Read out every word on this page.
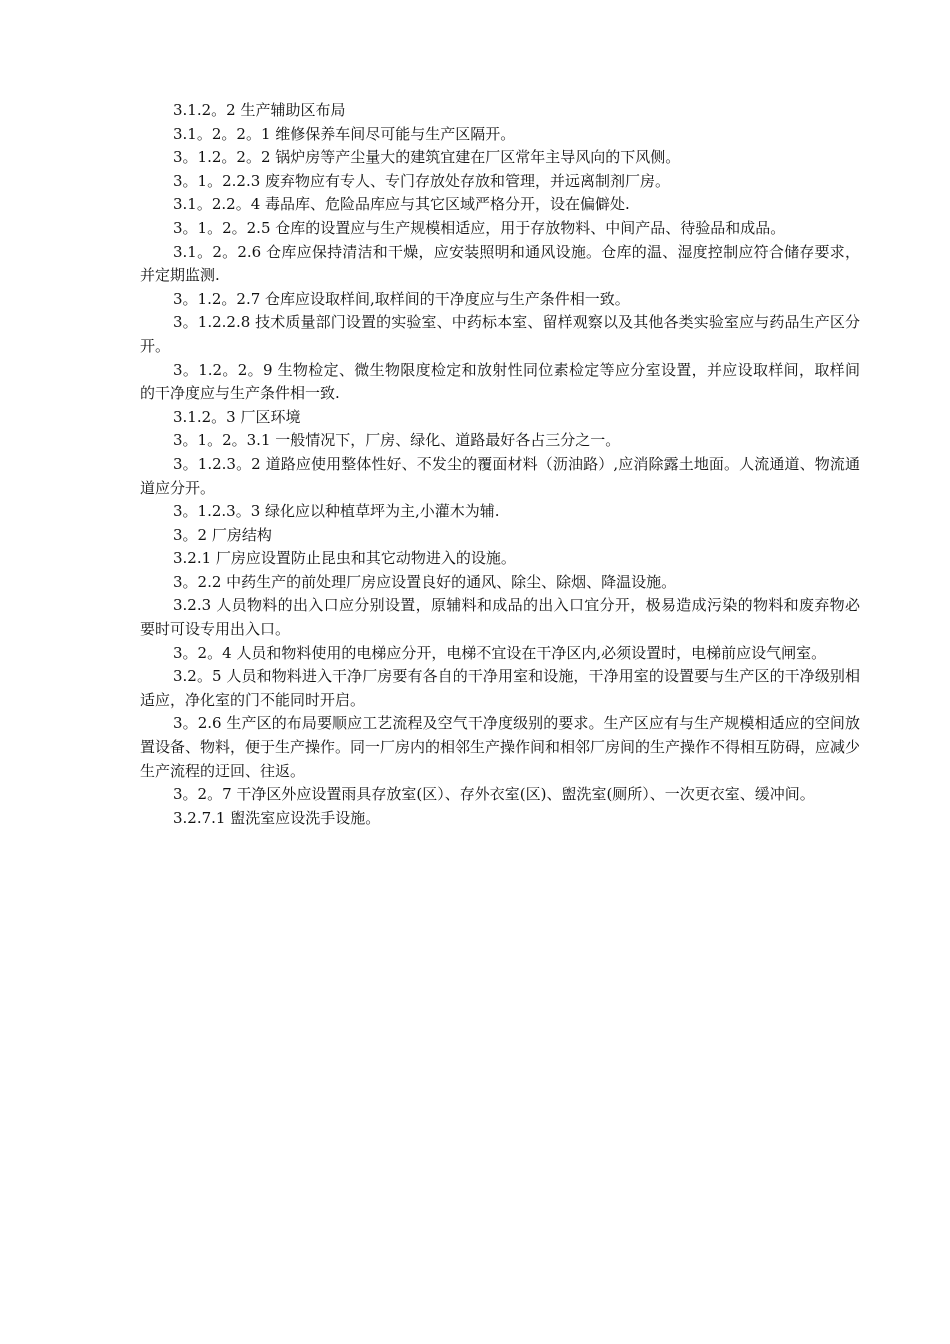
3.1.2。2 生产辅助区布局

3.1。2。2。1 维修保养车间尽可能与生产区隔开。

3。1.2。2。2 锅炉房等产尘量大的建筑宜建在厂区常年主导风向的下风侧。

3。1。2.2.3 废弃物应有专人、专门存放处存放和管理，并远离制剂厂房。

3.1。2.2。4 毒品库、危险品库应与其它区域严格分开，设在偏僻处.

3。1。2。2.5 仓库的设置应与生产规模相适应，用于存放物料、中间产品、待验品和成品。

3.1。2。2.6 仓库应保持清洁和干燥，应安装照明和通风设施。仓库的温、湿度控制应符合储存要求，并定期监测.

3。1.2。2.7 仓库应设取样间,取样间的干净度应与生产条件相一致。

3。1.2.2.8 技术质量部门设置的实验室、中药标本室、留样观察以及其他各类实验室应与药品生产区分开。

3。1.2。2。9 生物检定、微生物限度检定和放射性同位素检定等应分室设置，并应设取样间，取样间的干净度应与生产条件相一致.

3.1.2。3 厂区环境

3。1。2。3.1 一般情况下，厂房、绿化、道路最好各占三分之一。

3。1.2.3。2 道路应使用整体性好、不发尘的覆面材料（沥油路）,应消除露土地面。人流通道、物流通道应分开。

3。1.2.3。3 绿化应以种植草坪为主,小灌木为辅.

3。2 厂房结构

3.2.1 厂房应设置防止昆虫和其它动物进入的设施。

3。2.2 中药生产的前处理厂房应设置良好的通风、除尘、除烟、降温设施。

3.2.3 人员物料的出入口应分别设置，原辅料和成品的出入口宜分开，极易造成污染的物料和废弃物必要时可设专用出入口。

3。2。4 人员和物料使用的电梯应分开，电梯不宜设在干净区内,必须设置时，电梯前应设气闸室。

3.2。5 人员和物料进入干净厂房要有各自的干净用室和设施，干净用室的设置要与生产区的干净级别相适应，净化室的门不能同时开启。

3。2.6 生产区的布局要顺应工艺流程及空气干净度级别的要求。生产区应有与生产规模相适应的空间放置设备、物料，便于生产操作。同一厂房内的相邻生产操作间和相邻厂房间的生产操作不得相互防碍，应减少生产流程的迂回、往返。

3。2。7 干净区外应设置雨具存放室(区）、存外衣室(区)、盥洗室(厕所）、一次更衣室、缓冲间。

3.2.7.1 盥洗室应设洗手设施。
